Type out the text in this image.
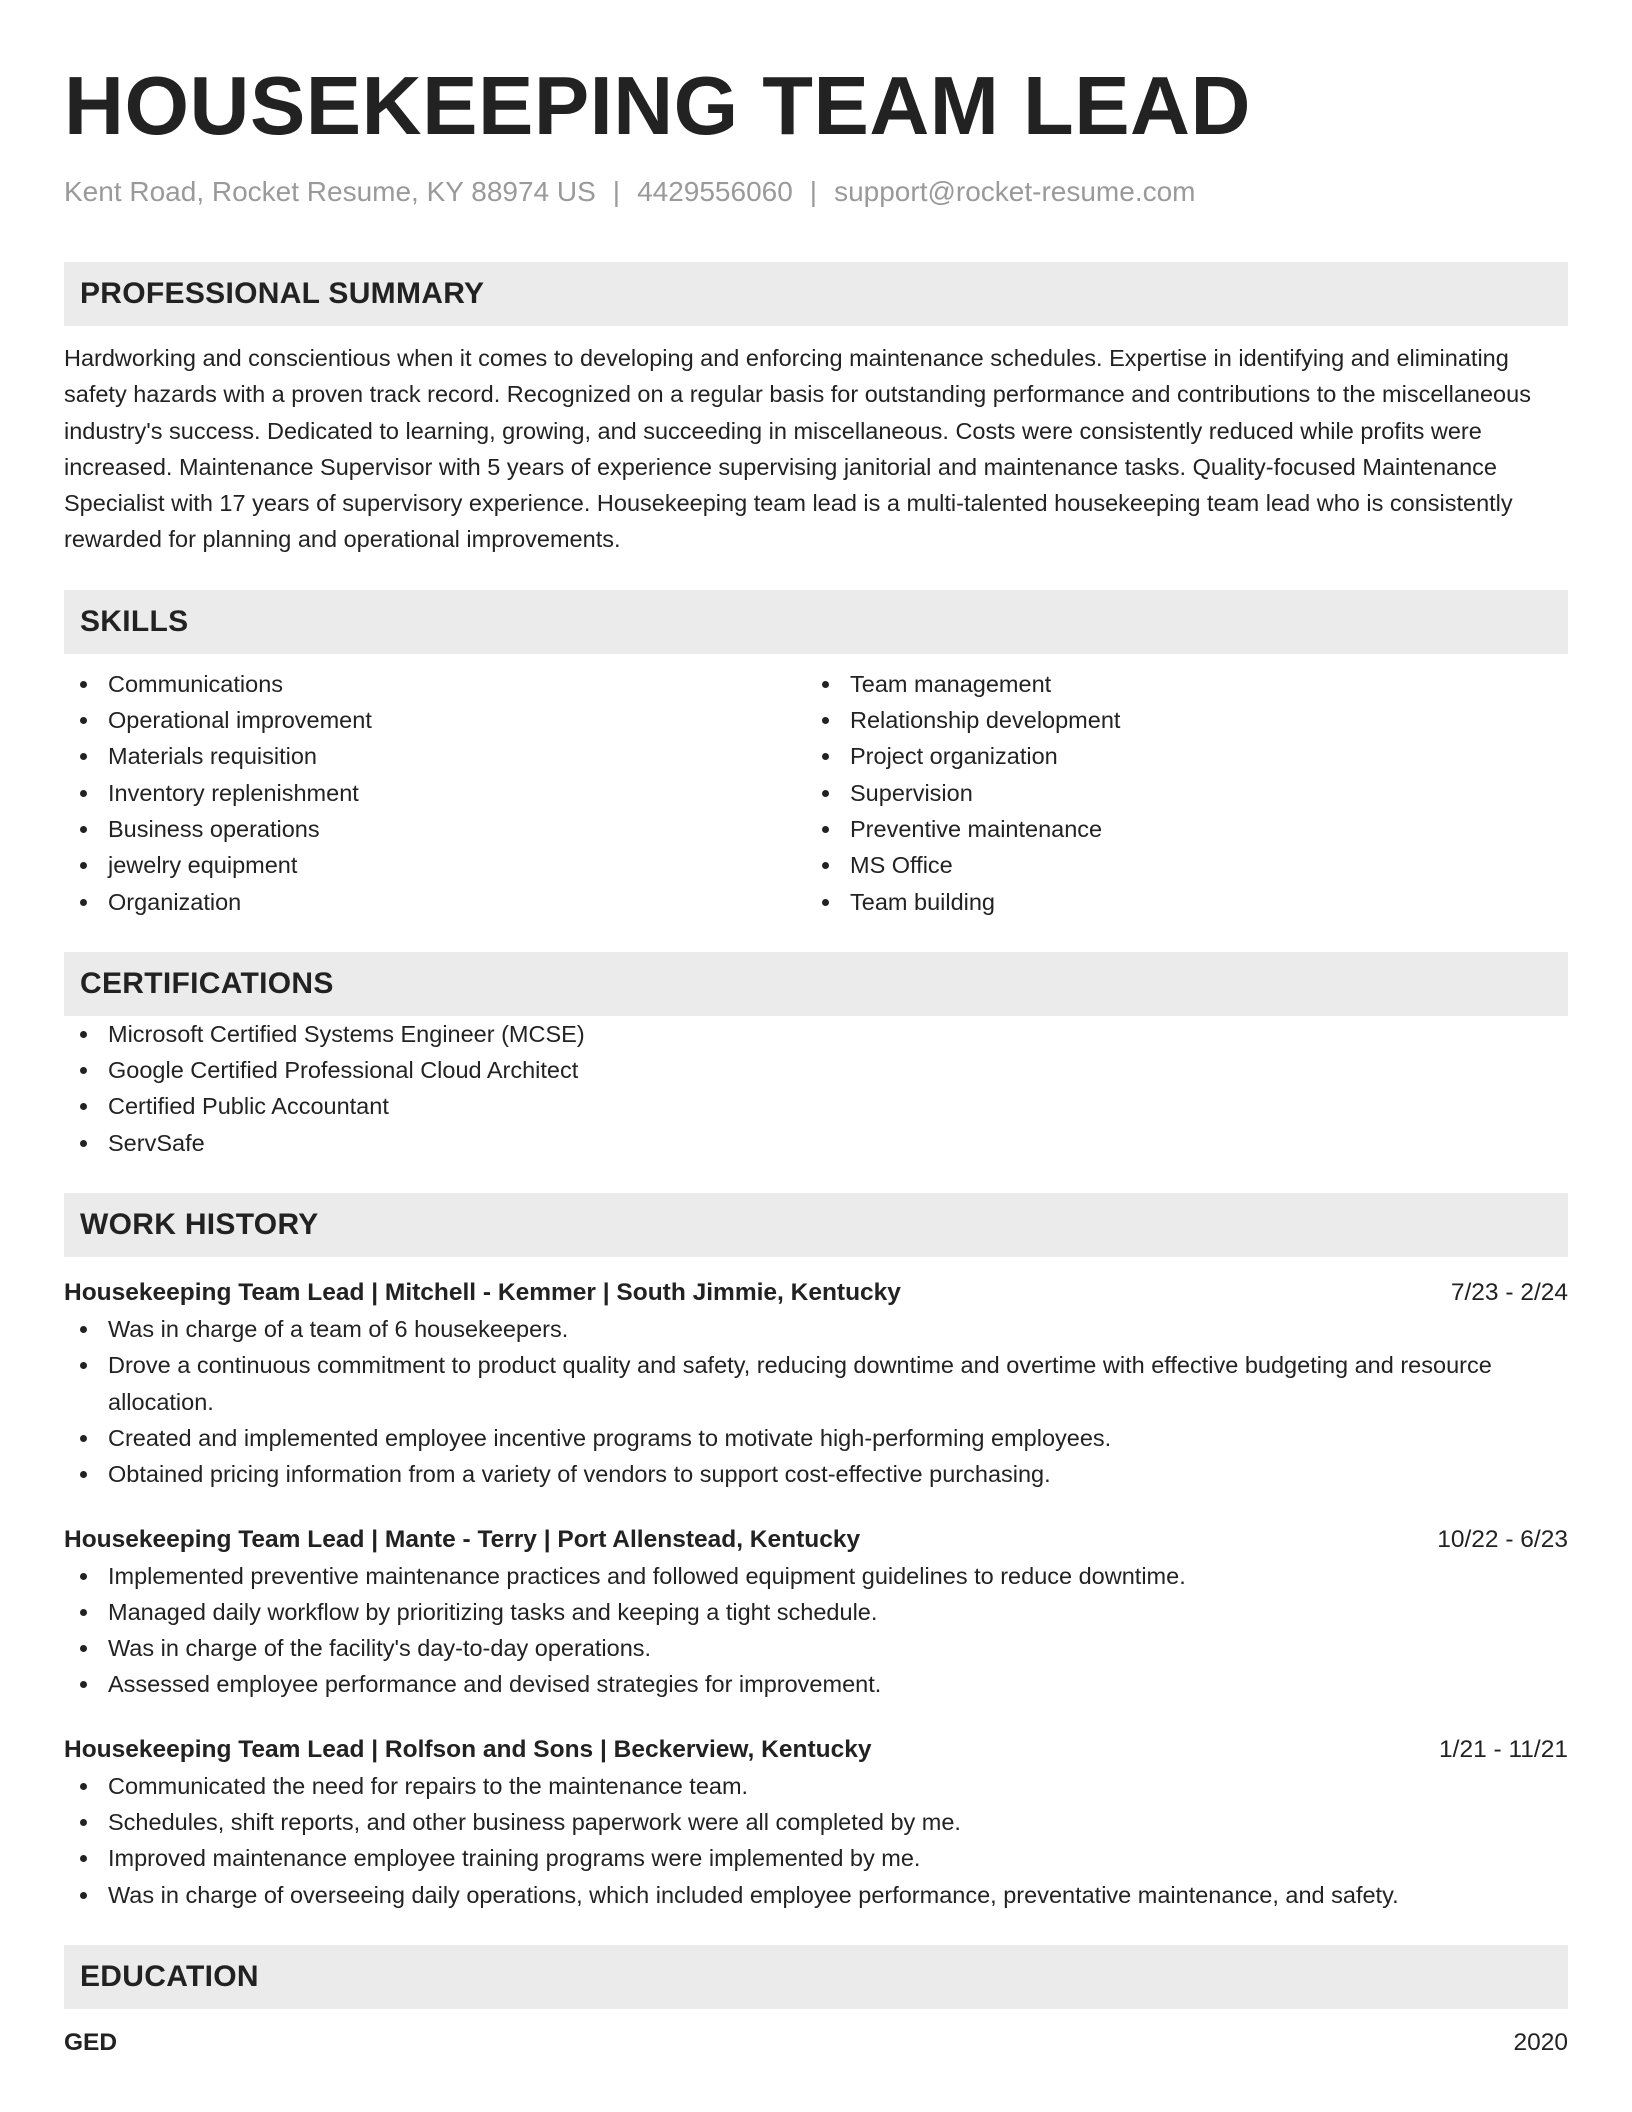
HOUSEKEEPING TEAM LEAD
Kent Road, Rocket Resume, KY 88974 US | 4429556060 | support@rocket-resume.com
PROFESSIONAL SUMMARY
Hardworking and conscientious when it comes to developing and enforcing maintenance schedules. Expertise in identifying and eliminating safety hazards with a proven track record. Recognized on a regular basis for outstanding performance and contributions to the miscellaneous industry's success. Dedicated to learning, growing, and succeeding in miscellaneous. Costs were consistently reduced while profits were increased. Maintenance Supervisor with 5 years of experience supervising janitorial and maintenance tasks. Quality-focused Maintenance Specialist with 17 years of supervisory experience. Housekeeping team lead is a multi-talented housekeeping team lead who is consistently rewarded for planning and operational improvements.
SKILLS
Communications
Operational improvement
Materials requisition
Inventory replenishment
Business operations
jewelry equipment
Organization
Team management
Relationship development
Project organization
Supervision
Preventive maintenance
MS Office
Team building
CERTIFICATIONS
Microsoft Certified Systems Engineer (MCSE)
Google Certified Professional Cloud Architect
Certified Public Accountant
ServSafe
WORK HISTORY
Housekeeping Team Lead | Mitchell - Kemmer | South Jimmie, Kentucky	7/23 - 2/24
Was in charge of a team of 6 housekeepers.
Drove a continuous commitment to product quality and safety, reducing downtime and overtime with effective budgeting and resource allocation.
Created and implemented employee incentive programs to motivate high-performing employees.
Obtained pricing information from a variety of vendors to support cost-effective purchasing.
Housekeeping Team Lead | Mante - Terry | Port Allenstead, Kentucky	10/22 - 6/23
Implemented preventive maintenance practices and followed equipment guidelines to reduce downtime.
Managed daily workflow by prioritizing tasks and keeping a tight schedule.
Was in charge of the facility's day-to-day operations.
Assessed employee performance and devised strategies for improvement.
Housekeeping Team Lead | Rolfson and Sons | Beckerview, Kentucky	1/21 - 11/21
Communicated the need for repairs to the maintenance team.
Schedules, shift reports, and other business paperwork were all completed by me.
Improved maintenance employee training programs were implemented by me.
Was in charge of overseeing daily operations, which included employee performance, preventative maintenance, and safety.
EDUCATION
GED	2020
